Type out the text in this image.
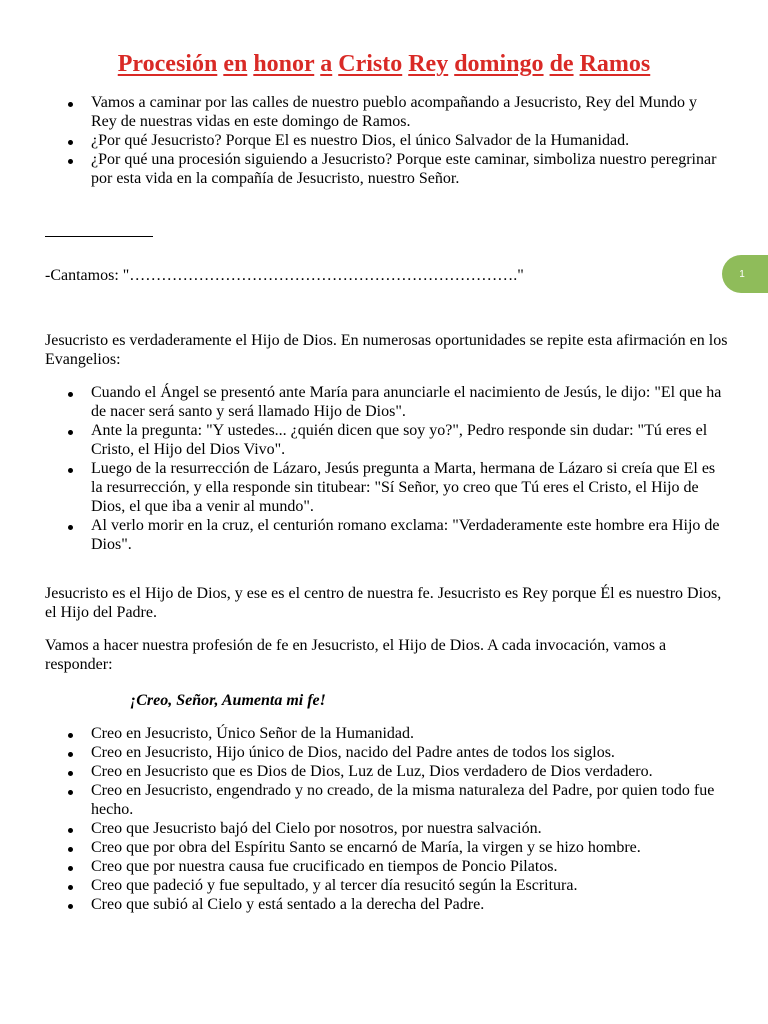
Procesión en honor a Cristo Rey domingo de Ramos
Vamos a caminar por las calles de nuestro pueblo acompañando a Jesucristo, Rey del Mundo y Rey de nuestras vidas en este domingo de Ramos.
¿Por qué Jesucristo? Porque El es nuestro Dios, el único Salvador de la Humanidad.
¿Por qué una procesión siguiendo a Jesucristo? Porque este caminar, simboliza nuestro peregrinar por esta vida en la compañía de Jesucristo, nuestro Señor.
-Cantamos: "………………………………………………………………."	1
Jesucristo es verdaderamente el Hijo de Dios. En numerosas oportunidades se repite esta afirmación en los Evangelios:
Cuando el Ángel se presentó ante María para anunciarle el nacimiento de Jesús, le dijo: "El que ha de nacer será santo y será llamado Hijo de Dios".
Ante la pregunta: "Y ustedes... ¿quién dicen que soy yo?", Pedro responde sin dudar: "Tú eres el Cristo, el Hijo del Dios Vivo".
Luego de la resurrección de Lázaro, Jesús pregunta a Marta, hermana de Lázaro si creía que El es la resurrección, y ella responde sin titubear: "Sí Señor, yo creo que Tú eres el Cristo, el Hijo de Dios, el que iba a venir al mundo".
Al verlo morir en la cruz, el centurión romano exclama: "Verdaderamente este hombre era Hijo de Dios".
Jesucristo es el Hijo de Dios, y ese es el centro de nuestra fe. Jesucristo es Rey porque Él es nuestro Dios, el Hijo del Padre.
Vamos a hacer nuestra profesión de fe en Jesucristo, el Hijo de Dios. A cada invocación, vamos a responder:
¡Creo, Señor, Aumenta mi fe!
Creo en Jesucristo, Único Señor de la Humanidad.
Creo en Jesucristo, Hijo único de Dios, nacido del Padre antes de todos los siglos.
Creo en Jesucristo que es Dios de Dios, Luz de Luz, Dios verdadero de Dios verdadero.
Creo en Jesucristo, engendrado y no creado, de la misma naturaleza del Padre, por quien todo fue hecho.
Creo que Jesucristo bajó del Cielo por nosotros, por nuestra salvación.
Creo que por obra del Espíritu Santo se encarnó de María, la virgen y se hizo hombre.
Creo que por nuestra causa fue crucificado en tiempos de Poncio Pilatos.
Creo que padeció y fue sepultado, y al tercer día resucitó según la Escritura.
Creo que subió al Cielo y está sentado a la derecha del Padre.
